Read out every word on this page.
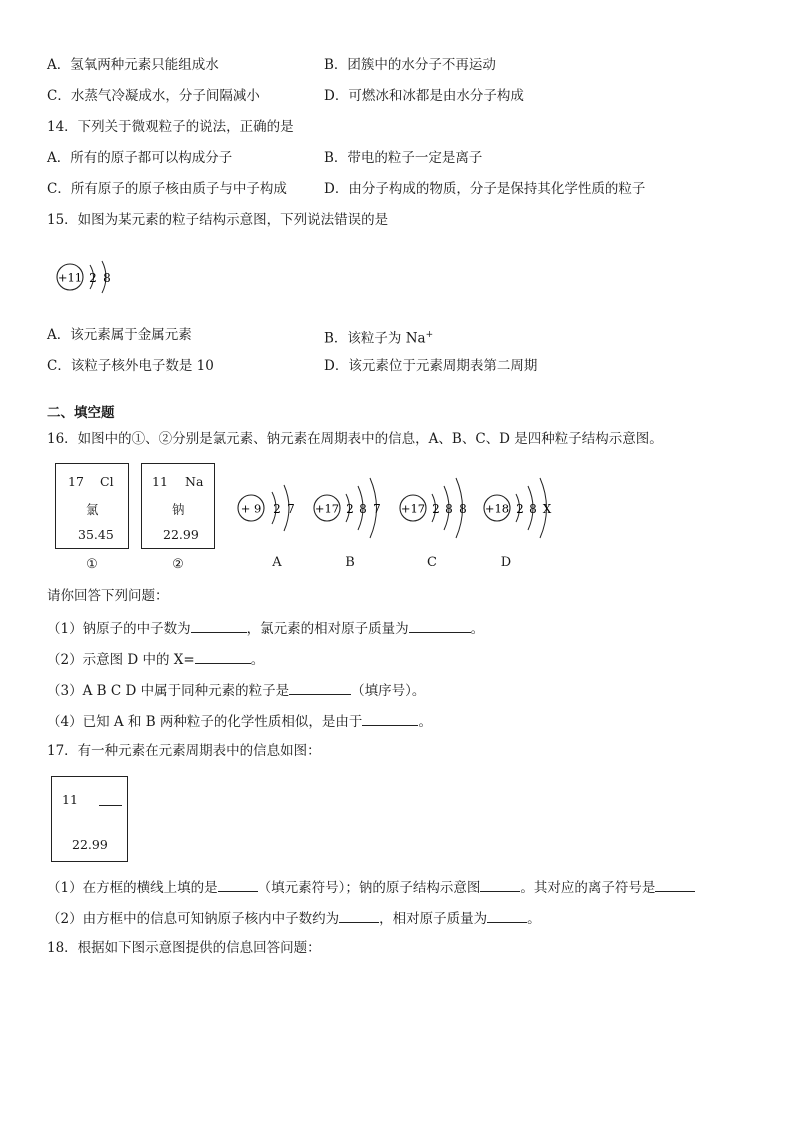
A．氢氧两种元素只能组成水	B．团簇中的水分子不再运动
C．水蒸气冷凝成水，分子间隔减小	D．可燃冰和冰都是由水分子构成
14．下列关于微观粒子的说法，正确的是
A．所有的原子都可以构成分子	B．带电的粒子一定是离子
C．所有原子的原子核由质子与中子构成	D．由分子构成的物质，分子是保持其化学性质的粒子
15．如图为某元素的粒子结构示意图，下列说法错误的是
+11 2 8
A．该元素属于金属元素	B．该粒子为 Na+
C．该粒子核外电子数是 10	D．该元素位于元素周期表第二周期
二、填空题
16．如图中的①、②分别是氯元素、钠元素在周期表中的信息，A、B、C、D 是四种粒子结构示意图。
17 Cl
氯
35.45
①
11 Na
钠
22.99
②
+ 9 2 7
A
+17 2 8 7
B
+17 2 8 8
C
+18 2 8 X
D
请你回答下列问题：
（1）钠原子的中子数为	，氯元素的相对原子质量为	。
（2）示意图 D 中的 X=	。
（3）A B C D 中属于同种元素的粒子是	（填序号）。
（4）已知 A 和 B 两种粒子的化学性质相似，是由于	。
17．有一种元素在元素周期表中的信息如图：
11
22.99
（1）在方框的横线上填的是	（填元素符号）；钠的原子结构示意图	。其对应的离子符号是
（2）由方框中的信息可知钠原子核内中子数约为	，相对原子质量为	。
18．根据如下图示意图提供的信息回答问题：
